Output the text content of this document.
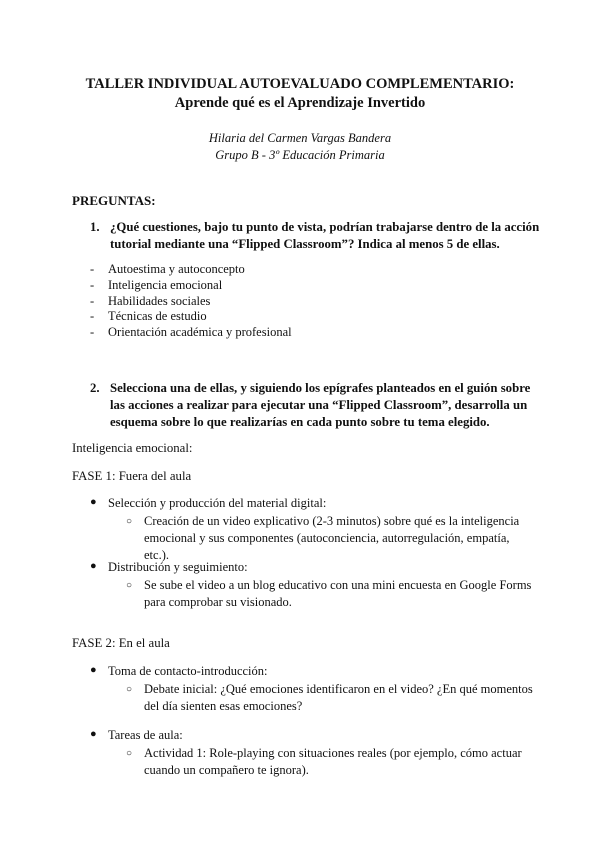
TALLER INDIVIDUAL AUTOEVALUADO COMPLEMENTARIO:
Aprende qué es el Aprendizaje Invertido
Hilaria del Carmen Vargas Bandera
Grupo B - 3º Educación Primaria
PREGUNTAS:
1. ¿Qué cuestiones, bajo tu punto de vista, podrían trabajarse dentro de la acción tutorial mediante una “Flipped Classroom”? Indica al menos 5 de ellas.
- Autoestima y autoconcepto
- Inteligencia emocional
- Habilidades sociales
- Técnicas de estudio
- Orientación académica y profesional
2. Selecciona una de ellas, y siguiendo los epígrafes planteados en el guión sobre las acciones a realizar para ejecutar una “Flipped Classroom”, desarrolla un esquema sobre lo que realizarías en cada punto sobre tu tema elegido.
Inteligencia emocional:
FASE 1: Fuera del aula
● Selección y producción del material digital:
○ Creación de un video explicativo (2-3 minutos) sobre qué es la inteligencia emocional y sus componentes (autoconciencia, autorregulación, empatía, etc.).
● Distribución y seguimiento:
○ Se sube el video a un blog educativo con una mini encuesta en Google Forms para comprobar su visionado.
FASE 2: En el aula
● Toma de contacto-introducción:
○ Debate inicial: ¿Qué emociones identificaron en el video? ¿En qué momentos del día sienten esas emociones?
● Tareas de aula:
○ Actividad 1: Role-playing con situaciones reales (por ejemplo, cómo actuar cuando un compañero te ignora).
